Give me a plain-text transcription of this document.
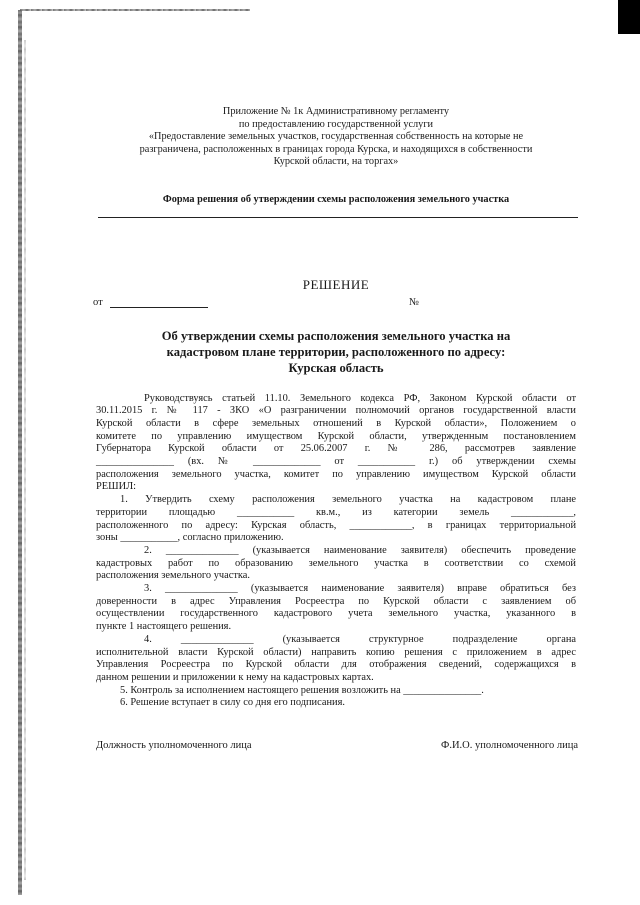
Приложение № 1к Административному регламенту
по предоставлению государственной услуги
«Предоставление земельных участков, государственная собственность на которые не
разграничена, расположенных в границах города Курска, и находящихся в собственности
Курской области, на торгах»
Форма решения об утверждении схемы расположения земельного участка
РЕШЕНИЕ
от	№
Об утверждении схемы расположения земельного участка на
кадастровом плане территории, расположенного по адресу:
Курская область
Руководствуясь статьей 11.10. Земельного кодекса РФ, Законом Курской области от
30.11.2015 г. № 117 - ЗКО «О разграничении полномочий органов государственной власти
Курской области в сфере земельных отношений в Курской области», Положением о
комитете по управлению имуществом Курской области, утвержденным постановлением
Губернатора Курской области от 25.06.2007 г. № 286, рассмотрев заявление
_______________ (вх. № _____________ от ___________ г.) об утверждении схемы
расположения земельного участка, комитет по управлению имуществом Курской области
РЕШИЛ:
1. Утвердить схему расположения земельного участка на кадастровом плане
территории площадью ___________ кв.м., из категории земель ____________,
расположенного по адресу: Курская область, ____________, в границах территориальной
зоны ___________, согласно приложению.
2. ______________ (указывается наименование заявителя) обеспечить проведение
кадастровых работ по образованию земельного участка в соответствии со схемой
расположения земельного участка.
3. ______________ (указывается наименование заявителя) вправе обратиться без
доверенности в адрес Управления Росреестра по Курской области с заявлением об
осуществлении государственного кадастрового учета земельного участка, указанного в
пункте 1 настоящего решения.
4. ______________ (указывается структурное подразделение органа
исполнительной власти Курской области) направить копию решения с приложением в адрес
Управления Росреестра по Курской области для отображения сведений, содержащихся в
данном решении и приложении к нему на кадастровых картах.
5. Контроль за исполнением настоящего решения возложить на _______________.
6. Решение вступает в силу со дня его подписания.
Должность уполномоченного лица	Ф.И.О. уполномоченного лица
